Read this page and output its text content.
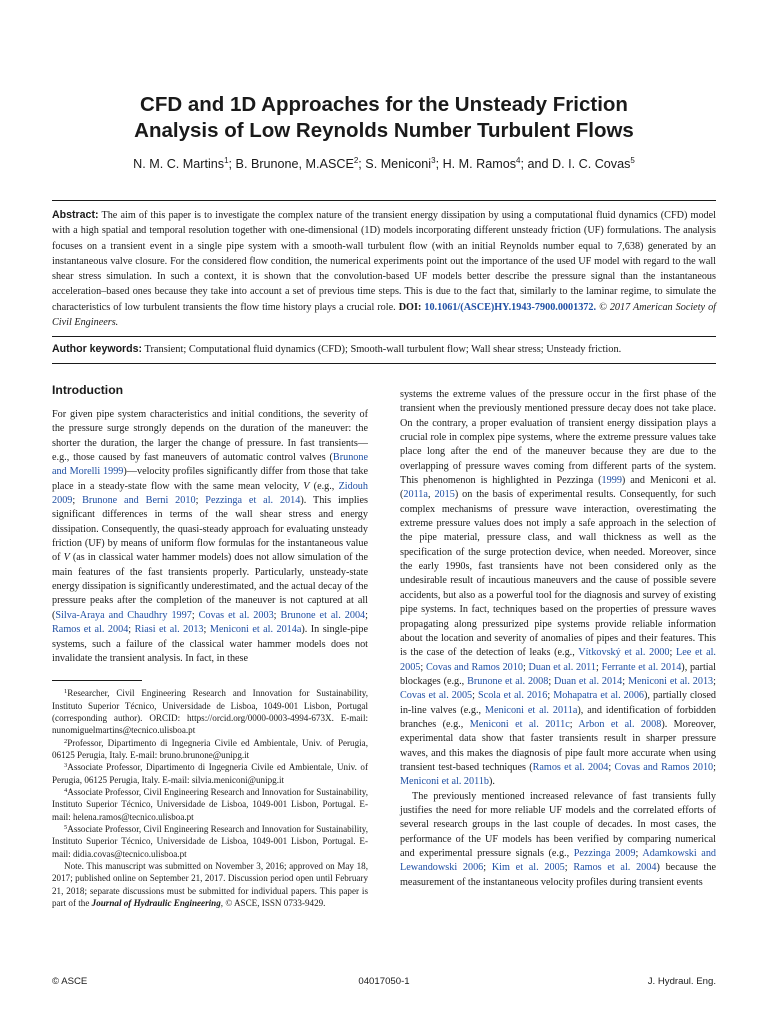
CFD and 1D Approaches for the Unsteady Friction
Analysis of Low Reynolds Number Turbulent Flows
N. M. C. Martins$^1$; B. Brunone, M.ASCE$^2$; S. Meniconi$^3$; H. M. Ramos$^4$; and D. I. C. Covas$^5$
Abstract: The aim of this paper is to investigate the complex nature of the transient energy dissipation by using a computational fluid dynamics (CFD) model with a high spatial and temporal resolution together with one-dimensional (1D) models incorporating different unsteady friction (UF) formulations. The analysis focuses on a transient event in a single pipe system with a smooth-wall turbulent flow (with an initial Reynolds number equal to 7,638) generated by an instantaneous valve closure. For the considered flow condition, the numerical experiments point out the importance of the used UF model with regard to the wall shear stress simulation. In such a context, it is shown that the convolution-based UF models better describe the pressure signal than the instantaneous acceleration–based ones because they take into account a set of previous time steps. This is due to the fact that, similarly to the laminar regime, to simulate the characteristics of low turbulent transients the flow time history plays a crucial role. DOI: 10.1061/(ASCE)HY.1943-7900.0001372. © 2017 American Society of Civil Engineers.
Author keywords: Transient; Computational fluid dynamics (CFD); Smooth-wall turbulent flow; Wall shear stress; Unsteady friction.
Introduction

For given pipe system characteristics and initial conditions, the severity of the pressure surge strongly depends on the duration of the maneuver: the shorter the duration, the larger the change of pressure. In fast transients—e.g., those caused by fast maneuvers of automatic control valves (Brunone and Morelli 1999)—velocity profiles significantly differ from those that take place in a steady-state flow with the same mean velocity, V (e.g., Zidouh 2009; Brunone and Berni 2010; Pezzinga et al. 2014). This implies significant differences in terms of the wall shear stress and energy dissipation. Consequently, the quasi-steady approach for evaluating unsteady friction (UF) by means of uniform flow formulas for the instantaneous value of V (as in classical water hammer models) does not allow simulation of the main features of the fast transients properly. Particularly, unsteady-state energy dissipation is significantly underestimated, and the actual decay of the pressure peaks after the completion of the maneuver is not captured at all (Silva-Araya and Chaudhry 1997; Covas et al. 2003; Brunone et al. 2004; Ramos et al. 2004; Riasi et al. 2013; Meniconi et al. 2014a). In single-pipe systems, such a failure of the classical water hammer models does not invalidate the transient analysis. In fact, in these

$^1$Researcher, Civil Engineering Research and Innovation for Sustainability, Instituto Superior Técnico, Universidade de Lisboa, 1049-001 Lisbon, Portugal (corresponding author). ORCID: https://orcid.org/0000-0003-4994-673X. E-mail: nunomiguelmartins@tecnico.ulisboa.pt

$^2$Professor, Dipartimento di Ingegneria Civile ed Ambientale, Univ. of Perugia, 06125 Perugia, Italy. E-mail: bruno.brunone@unipg.it

$^3$Associate Professor, Dipartimento di Ingegneria Civile ed Ambientale, Univ. of Perugia, 06125 Perugia, Italy. E-mail: silvia.meniconi@unipg.it

$^4$Associate Professor, Civil Engineering Research and Innovation for Sustainability, Instituto Superior Técnico, Universidade de Lisboa, 1049-001 Lisbon, Portugal. E-mail: helena.ramos@tecnico.ulisboa.pt

$^5$Associate Professor, Civil Engineering Research and Innovation for Sustainability, Instituto Superior Técnico, Universidade de Lisboa, 1049-001 Lisbon, Portugal. E-mail: didia.covas@tecnico.ulisboa.pt

Note. This manuscript was submitted on November 3, 2016; approved on May 18, 2017; published online on September 21, 2017. Discussion period open until February 21, 2018; separate discussions must be submitted for individual papers. This paper is part of the Journal of Hydraulic Engineering, © ASCE, ISSN 0733-9429.

systems the extreme values of the pressure occur in the first phase of the transient when the previously mentioned pressure decay does not take place. On the contrary, a proper evaluation of transient energy dissipation plays a crucial role in complex pipe systems, where the extreme pressure values take place long after the end of the maneuver because they are due to the overlapping of pressure waves coming from different parts of the system. This phenomenon is highlighted in Pezzinga (1999) and Meniconi et al. (2011a, 2015) on the basis of experimental results. Consequently, for such complex mechanisms of pressure wave interaction, overestimating the extreme pressure values does not imply a safe approach in the selection of the pipe material, pressure class, and wall thickness as well as the specification of the surge protection device, when needed. Moreover, since the early 1990s, fast transients have not been considered only as the undesirable result of incautious maneuvers and the cause of possible severe accidents, but also as a powerful tool for the diagnosis and survey of existing pipe systems. In fact, techniques based on the properties of pressure waves propagating along pressurized pipe systems provide reliable information about the location and severity of anomalies of pipes and their features. This is the case of the detection of leaks (e.g., Vítkovský et al. 2000; Lee et al. 2005; Covas and Ramos 2010; Duan et al. 2011; Ferrante et al. 2014), partial blockages (e.g., Brunone et al. 2008; Duan et al. 2014; Meniconi et al. 2013; Covas et al. 2005; Scola et al. 2016; Mohapatra et al. 2006), partially closed in-line valves (e.g., Meniconi et al. 2011a), and identification of forbidden branches (e.g., Meniconi et al. 2011c; Arbon et al. 2008). Moreover, experimental data show that faster transients result in sharper pressure waves, and this makes the diagnosis of pipe fault more accurate when using transient test-based techniques (Ramos et al. 2004; Covas and Ramos 2010; Meniconi et al. 2011b).

The previously mentioned increased relevance of fast transients fully justifies the need for more reliable UF models and the correlated efforts of several research groups in the last couple of decades. In most cases, the performance of the UF models has been verified by comparing numerical and experimental pressure signals (e.g., Pezzinga 2009; Adamkowski and Lewandowski 2006; Kim et al. 2005; Ramos et al. 2004) because the measurement of the instantaneous velocity profiles during transient events

© ASCE	04017050-1	J. Hydraul. Eng.
